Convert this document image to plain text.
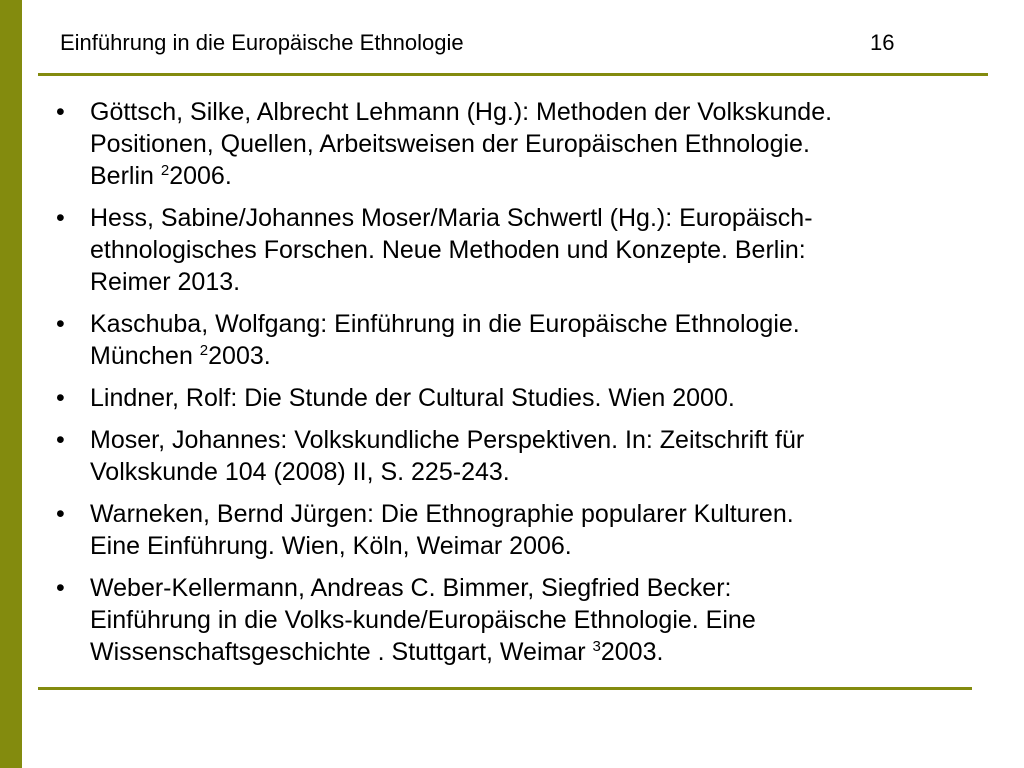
Einführung in die Europäische Ethnologie	16
• Göttsch, Silke, Albrecht Lehmann (Hg.): Methoden der Volkskunde.
Positionen, Quellen, Arbeitsweisen der Europäischen Ethnologie.
Berlin $^2$2006.
• Hess, Sabine/Johannes Moser/Maria Schwertl (Hg.): Europäisch-
ethnologisches Forschen. Neue Methoden und Konzepte. Berlin:
Reimer 2013.
• Kaschuba, Wolfgang: Einführung in die Europäische Ethnologie.
München $^2$2003.
• Lindner, Rolf: Die Stunde der Cultural Studies. Wien 2000.
• Moser, Johannes: Volkskundliche Perspektiven. In: Zeitschrift für
Volkskunde 104 (2008) II, S. 225-243.
• Warneken, Bernd Jürgen: Die Ethnographie popularer Kulturen.
Eine Einführung. Wien, Köln, Weimar 2006.
• Weber-Kellermann, Andreas C. Bimmer, Siegfried Becker:
Einführung in die Volks-kunde/Europäische Ethnologie. Eine
Wissenschaftsgeschichte . Stuttgart, Weimar $^3$2003.
